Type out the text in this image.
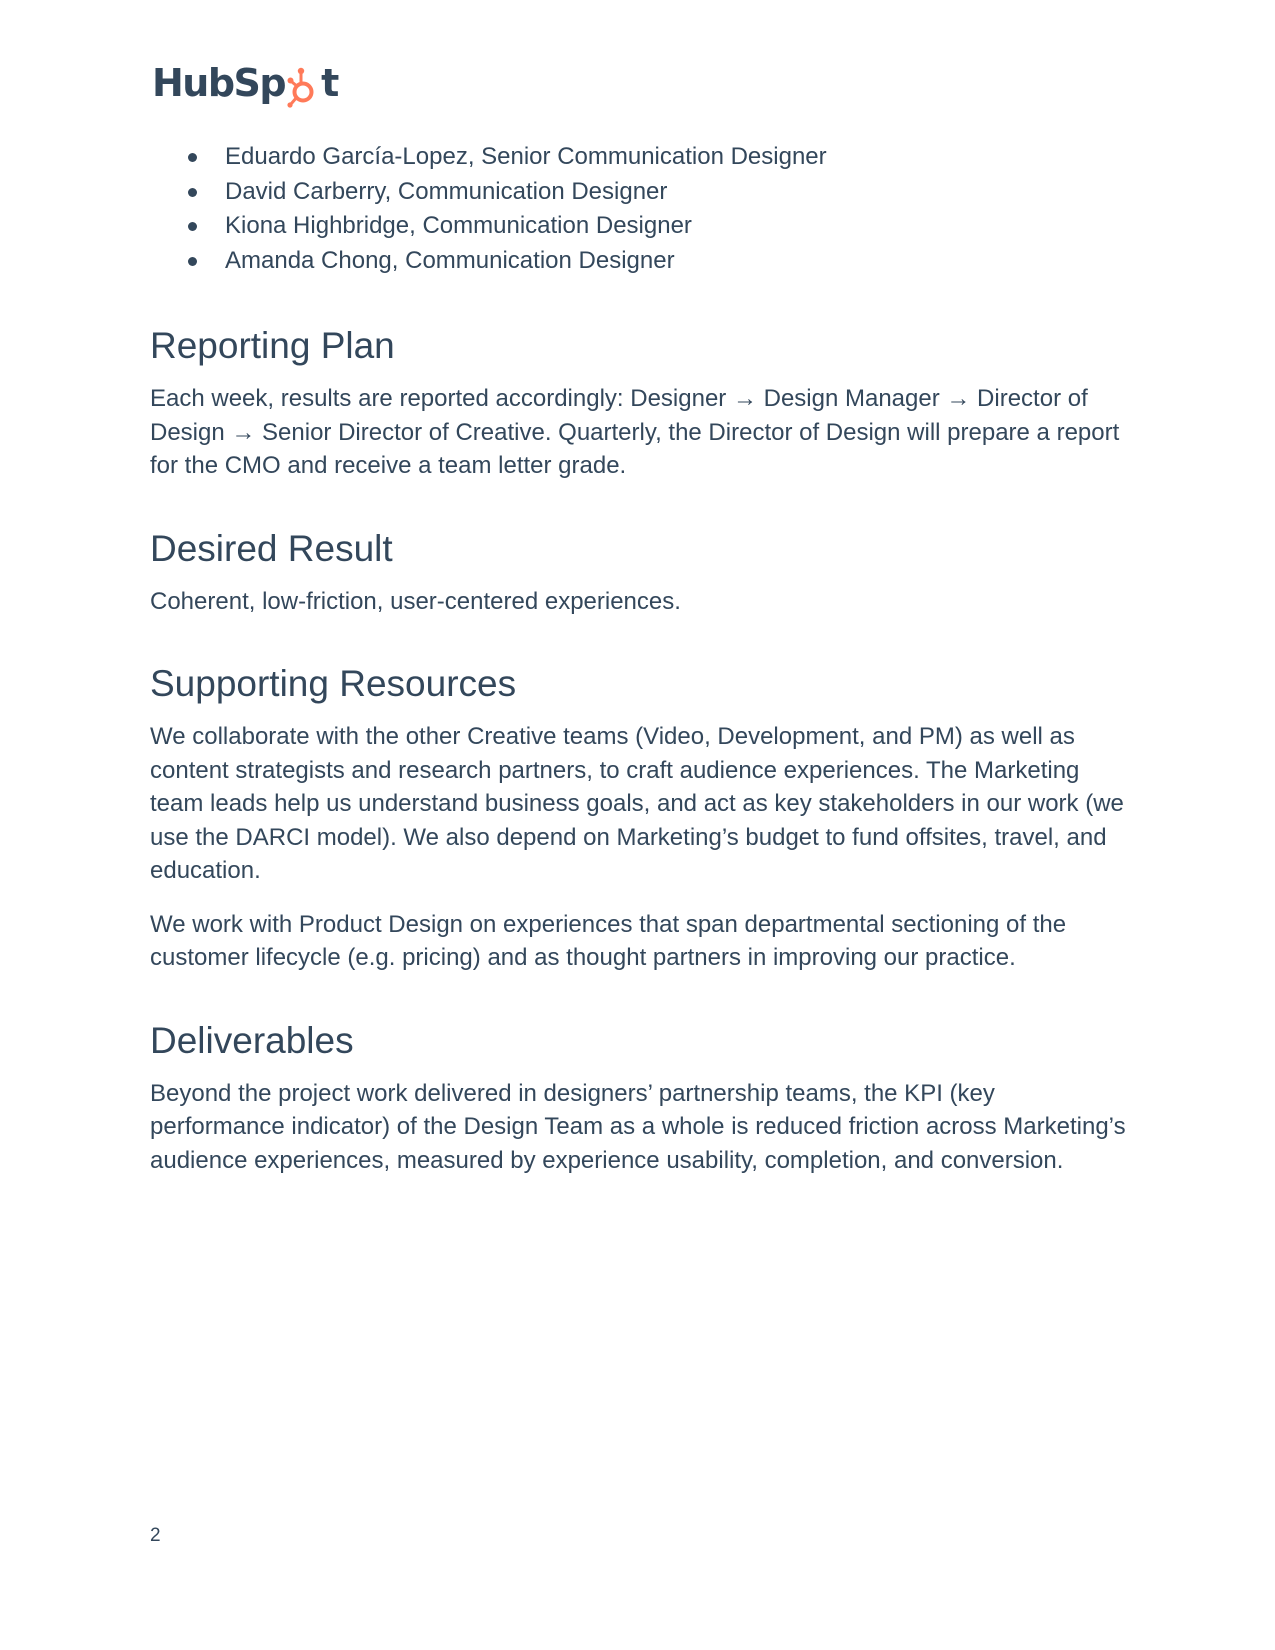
HubSp t
Eduardo García-Lopez, Senior Communication Designer
David Carberry, Communication Designer
Kiona Highbridge, Communication Designer
Amanda Chong, Communication Designer
Reporting Plan

Each week, results are reported accordingly: Designer → Design Manager → Director of Design → Senior Director of Creative. Quarterly, the Director of Design will prepare a report for the CMO and receive a team letter grade.

Desired Result

Coherent, low-friction, user-centered experiences.

Supporting Resources

We collaborate with the other Creative teams (Video, Development, and PM) as well as content strategists and research partners, to craft audience experiences. The Marketing team leads help us understand business goals, and act as key stakeholders in our work (we use the DARCI model). We also depend on Marketing’s budget to fund offsites, travel, and education.

We work with Product Design on experiences that span departmental sectioning of the customer lifecycle (e.g. pricing) and as thought partners in improving our practice.

Deliverables

Beyond the project work delivered in designers’ partnership teams, the KPI (key performance indicator) of the Design Team as a whole is reduced friction across Marketing’s audience experiences, measured by experience usability, completion, and conversion.

2
